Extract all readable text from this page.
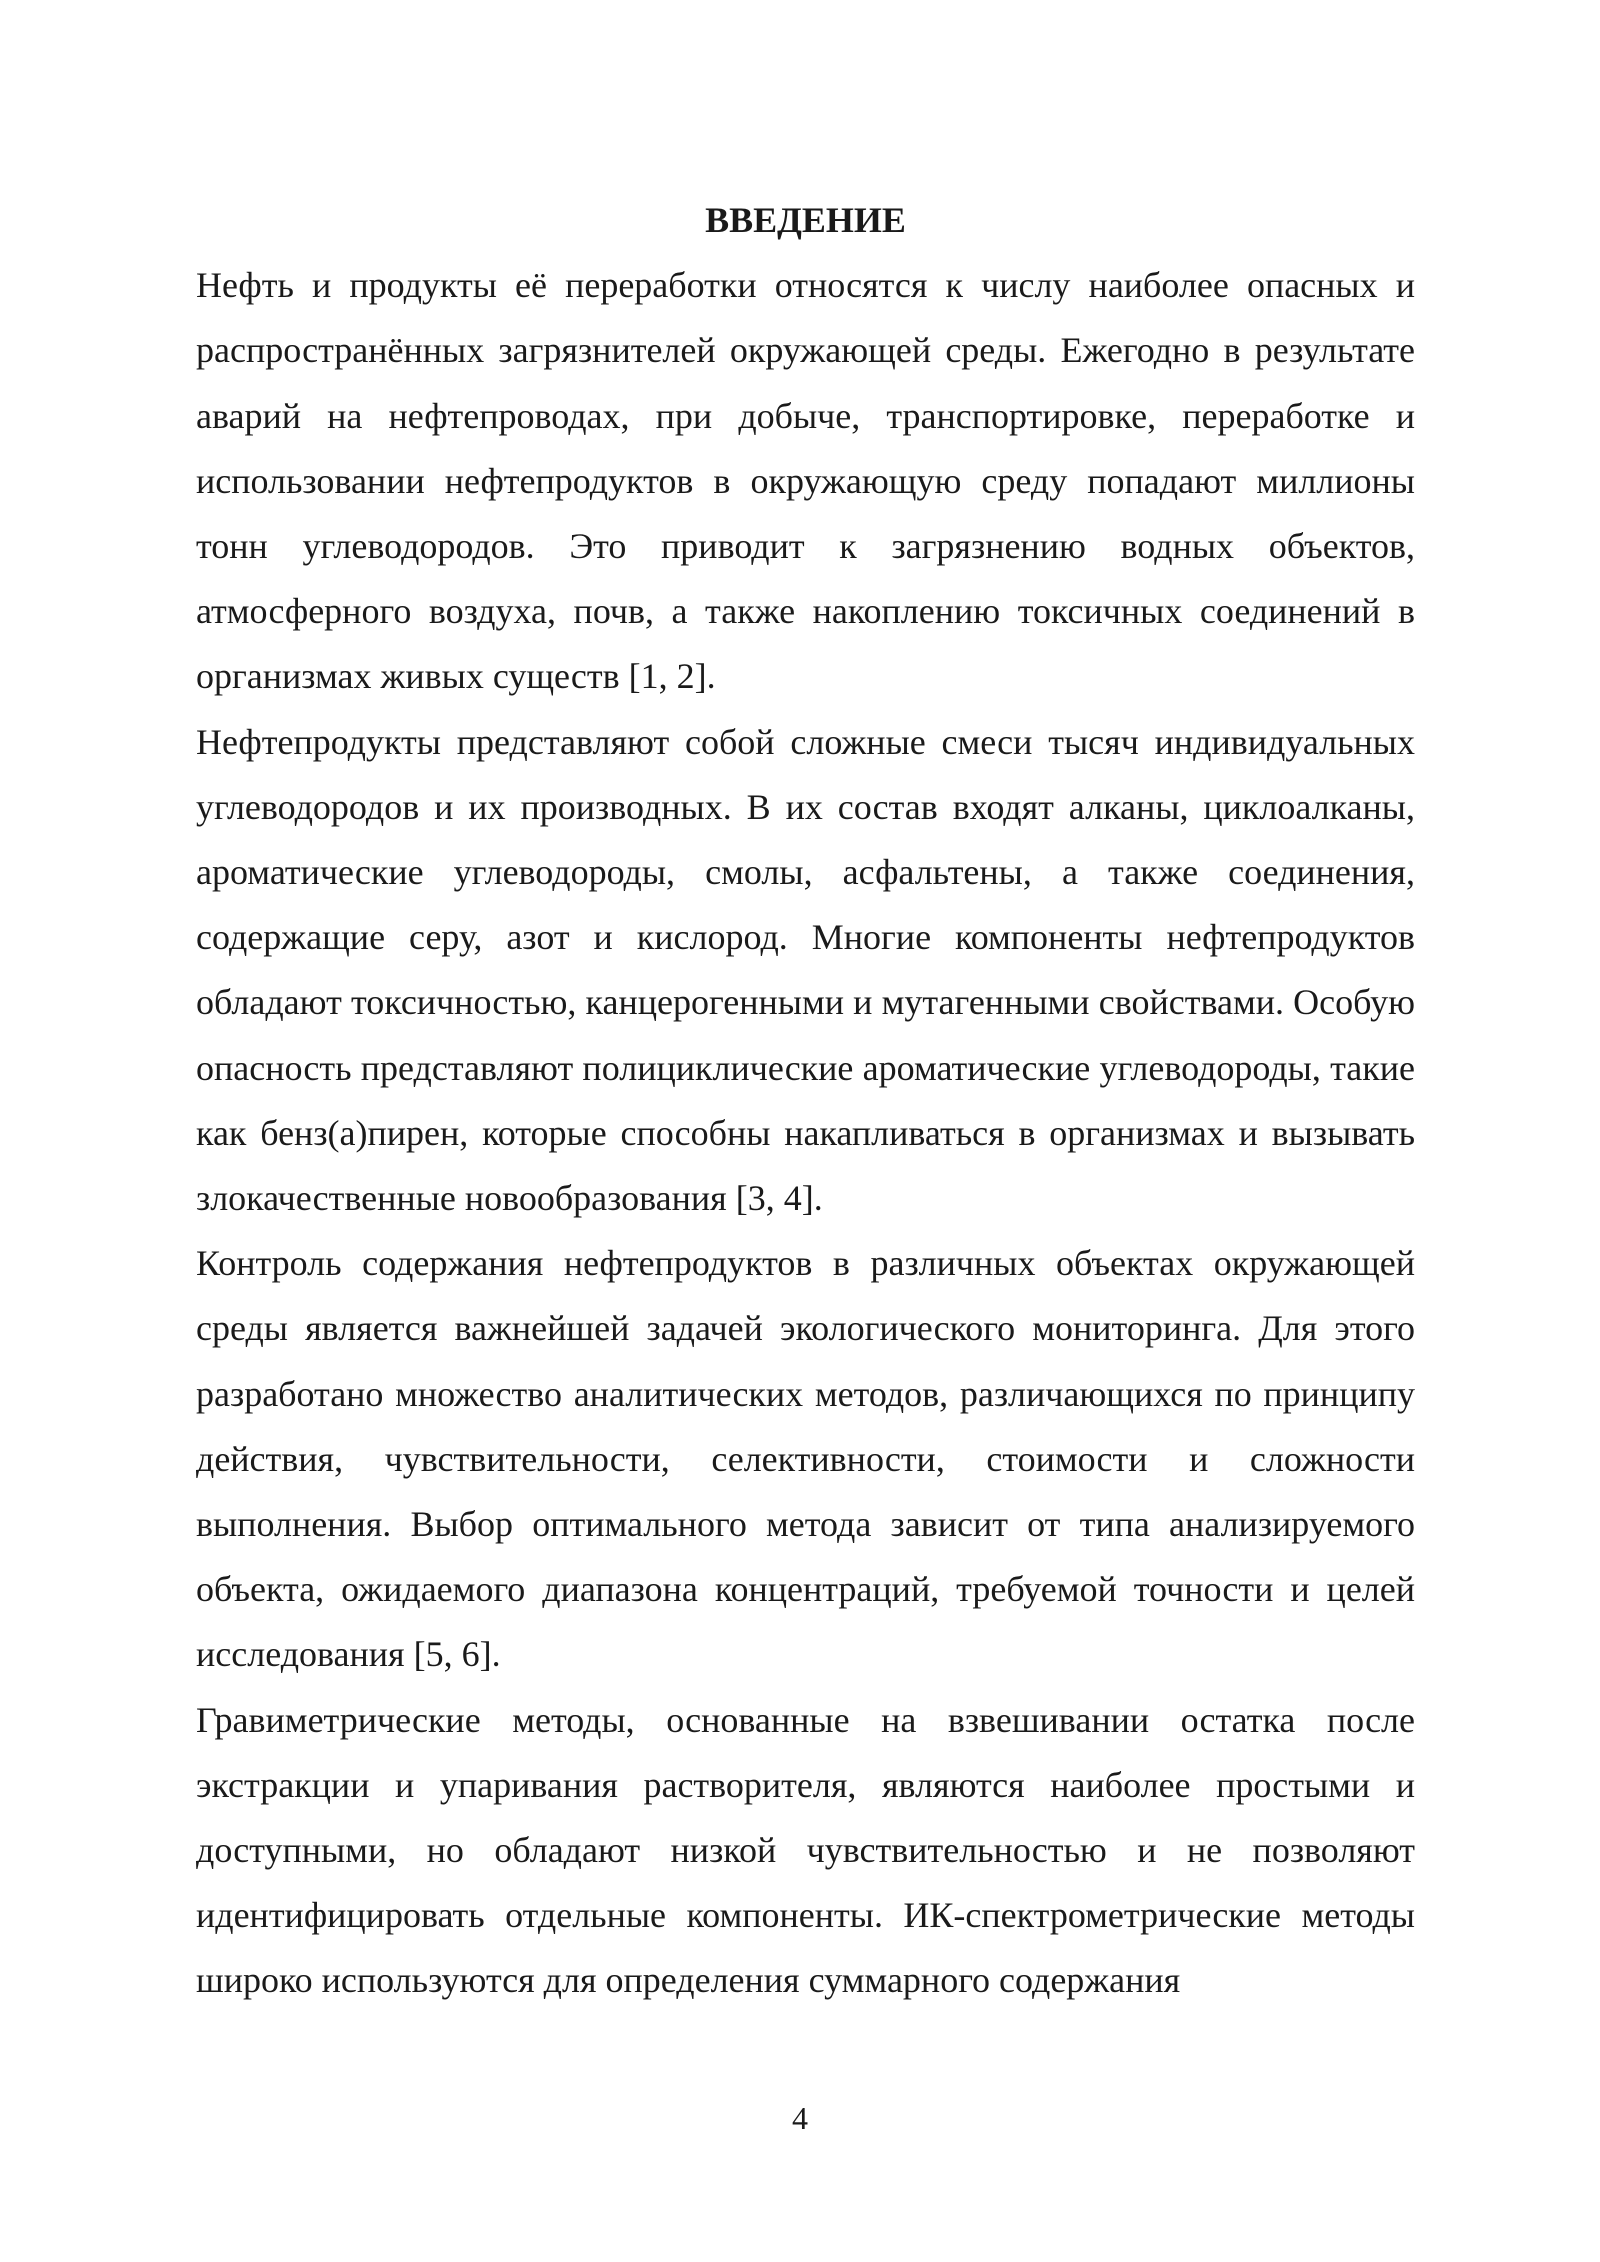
ВВЕДЕНИЕ

Нефть и продукты её переработки относятся к числу наиболее опасных и распространённых загрязнителей окружающей среды. Ежегодно в результате аварий на нефтепроводах, при добыче, транспортировке, переработке и использовании нефтепродуктов в окружающую среду попадают миллионы тонн углеводородов. Это приводит к загрязнению водных объектов, атмосферного воздуха, почв, а также накоплению токсичных соединений в организмах живых существ [1, 2].

Нефтепродукты представляют собой сложные смеси тысяч индивидуальных углеводородов и их производных. В их состав входят алканы, циклоалканы, ароматические углеводороды, смолы, асфальтены, а также соединения, содержащие серу, азот и кислород. Многие компоненты нефтепродуктов обладают токсичностью, канцерогенными и мутагенными свойствами. Особую опасность представляют полициклические ароматические углеводороды, такие как бенз(а)пирен, которые способны накапливаться в организмах и вызывать злокачественные новообразования [3, 4].

Контроль содержания нефтепродуктов в различных объектах окружающей среды является важнейшей задачей экологического мониторинга. Для этого разработано множество аналитических методов, различающихся по принципу действия, чувствительности, селективности, стоимости и сложности выполнения. Выбор оптимального метода зависит от типа анализируемого объекта, ожидаемого диапазона концентраций, требуемой точности и целей исследования [5, 6].

Гравиметрические методы, основанные на взвешивании остатка после экстракции и упаривания растворителя, являются наиболее простыми и доступными, но обладают низкой чувствительностью и не позволяют идентифицировать отдельные компоненты. ИК-спектрометрические методы широко используются для определения суммарного содержания

4
